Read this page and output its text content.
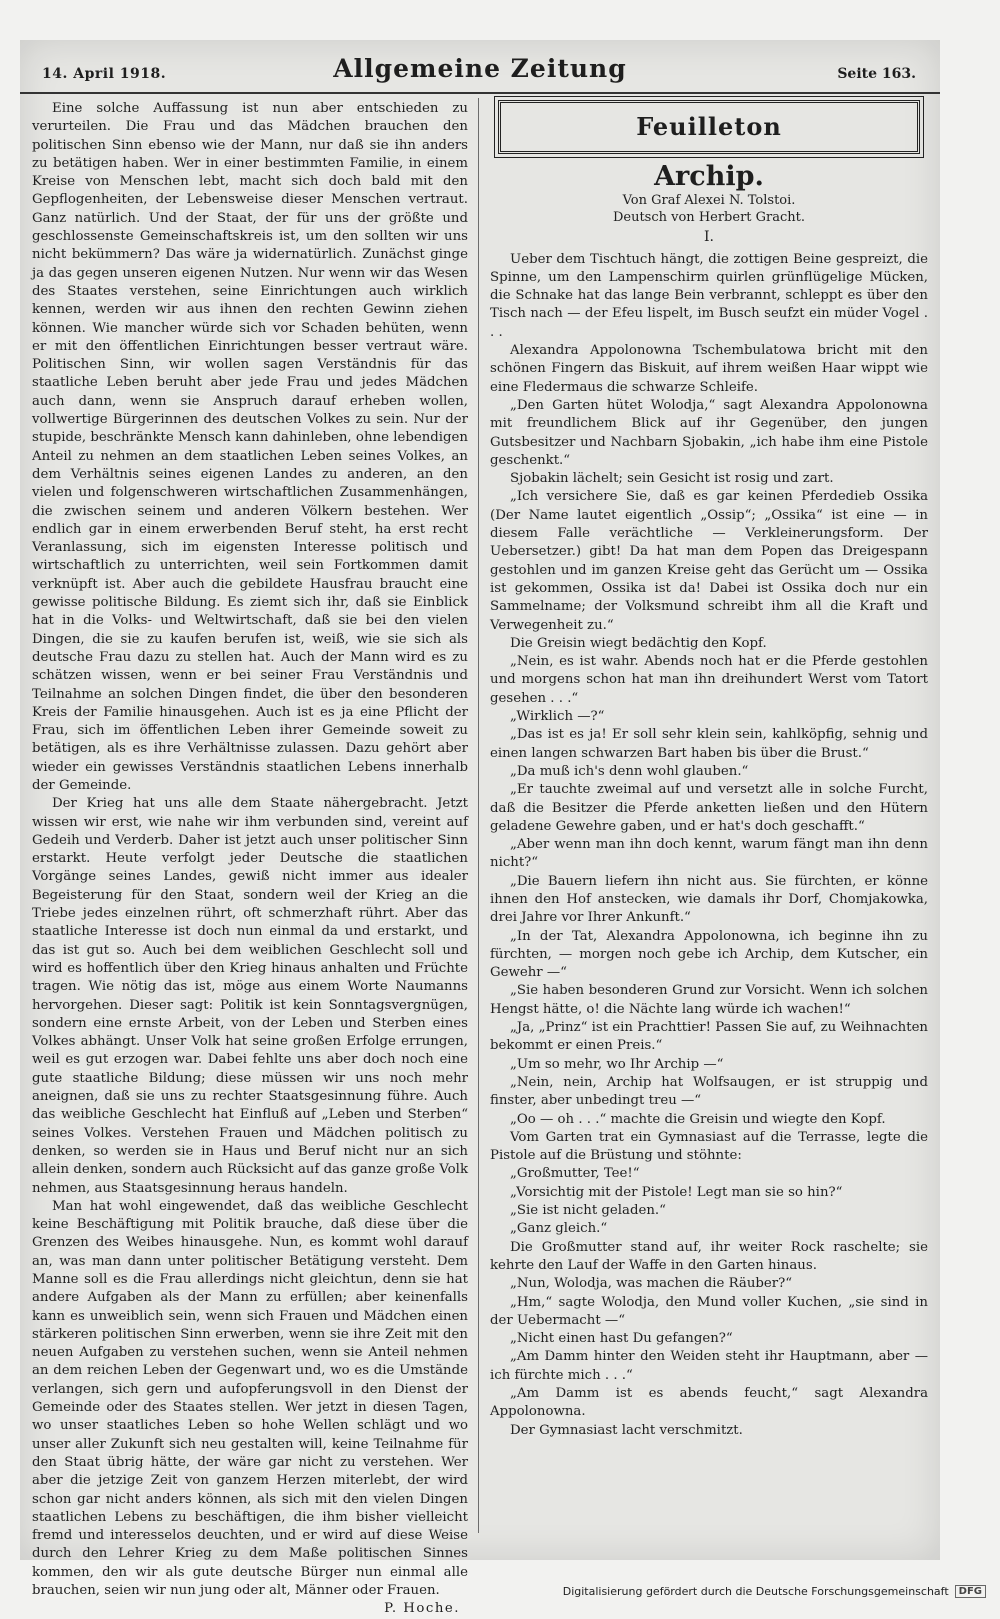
14. April 1918.	Allgemeine Zeitung	Seite 163.

Eine solche Auffassung ist nun aber entschieden zu verurteilen. Die Frau und das Mädchen brauchen den politischen Sinn ebenso wie der Mann, nur daß sie ihn anders zu betätigen haben. Wer in einer bestimmten Familie, in einem Kreise von Menschen lebt, macht sich doch bald mit den Gepflogenheiten, der Lebensweise dieser Menschen vertraut. Ganz natürlich. Und der Staat, der für uns der größte und geschlossenste Gemeinschaftskreis ist, um den sollten wir uns nicht bekümmern? Das wäre ja widernatürlich. Zunächst ginge ja das gegen unseren eigenen Nutzen. Nur wenn wir das Wesen des Staates verstehen, seine Einrichtungen auch wirklich kennen, werden wir aus ihnen den rechten Gewinn ziehen können. Wie mancher würde sich vor Schaden behüten, wenn er mit den öffentlichen Einrichtungen besser vertraut wäre. Politischen Sinn, wir wollen sagen Verständnis für das staatliche Leben beruht aber jede Frau und jedes Mädchen auch dann, wenn sie Anspruch darauf erheben wollen, vollwertige Bürgerinnen des deutschen Volkes zu sein. Nur der stupide, beschränkte Mensch kann dahinleben, ohne lebendigen Anteil zu nehmen an dem staatlichen Leben seines Volkes, an dem Verhältnis seines eigenen Landes zu anderen, an den vielen und folgenschweren wirtschaftlichen Zusammenhängen, die zwischen seinem und anderen Völkern bestehen. Wer endlich gar in einem erwerbenden Beruf steht, ha erst recht Veranlassung, sich im eigensten Interesse politisch und wirtschaftlich zu unterrichten, weil sein Fortkommen damit verknüpft ist. Aber auch die gebildete Hausfrau braucht eine gewisse politische Bildung. Es ziemt sich ihr, daß sie Einblick hat in die Volks- und Weltwirtschaft, daß sie bei den vielen Dingen, die sie zu kaufen berufen ist, weiß, wie sie sich als deutsche Frau dazu zu stellen hat. Auch der Mann wird es zu schätzen wissen, wenn er bei seiner Frau Verständnis und Teilnahme an solchen Dingen findet, die über den besonderen Kreis der Familie hinausgehen. Auch ist es ja eine Pflicht der Frau, sich im öffentlichen Leben ihrer Gemeinde soweit zu betätigen, als es ihre Verhältnisse zulassen. Dazu gehört aber wieder ein gewisses Verständnis staatlichen Lebens innerhalb der Gemeinde.

Der Krieg hat uns alle dem Staate nähergebracht. Jetzt wissen wir erst, wie nahe wir ihm verbunden sind, vereint auf Gedeih und Verderb. Daher ist jetzt auch unser politischer Sinn erstarkt. Heute verfolgt jeder Deutsche die staatlichen Vorgänge seines Landes, gewiß nicht immer aus idealer Begeisterung für den Staat, sondern weil der Krieg an die Triebe jedes einzelnen rührt, oft schmerzhaft rührt. Aber das staatliche Interesse ist doch nun einmal da und erstarkt, und das ist gut so. Auch bei dem weiblichen Geschlecht soll und wird es hoffentlich über den Krieg hinaus anhalten und Früchte tragen. Wie nötig das ist, möge aus einem Worte Naumanns hervorgehen. Dieser sagt: Politik ist kein Sonntagsvergnügen, sondern eine ernste Arbeit, von der Leben und Sterben eines Volkes abhängt. Unser Volk hat seine großen Erfolge errungen, weil es gut erzogen war. Dabei fehlte uns aber doch noch eine gute staatliche Bildung; diese müssen wir uns noch mehr aneignen, daß sie uns zu rechter Staatsgesinnung führe. Auch das weibliche Geschlecht hat Einfluß auf „Leben und Sterben“ seines Volkes. Verstehen Frauen und Mädchen politisch zu denken, so werden sie in Haus und Beruf nicht nur an sich allein denken, sondern auch Rücksicht auf das ganze große Volk nehmen, aus Staatsgesinnung heraus handeln.

Man hat wohl eingewendet, daß das weibliche Geschlecht keine Beschäftigung mit Politik brauche, daß diese über die Grenzen des Weibes hinausgehe. Nun, es kommt wohl darauf an, was man dann unter politischer Betätigung versteht. Dem Manne soll es die Frau allerdings nicht gleichtun, denn sie hat andere Aufgaben als der Mann zu erfüllen; aber keinenfalls kann es unweiblich sein, wenn sich Frauen und Mädchen einen stärkeren politischen Sinn erwerben, wenn sie ihre Zeit mit den neuen Aufgaben zu verstehen suchen, wenn sie Anteil nehmen an dem reichen Leben der Gegenwart und, wo es die Umstände verlangen, sich gern und aufopferungsvoll in den Dienst der Gemeinde oder des Staates stellen. Wer jetzt in diesen Tagen, wo unser staatliches Leben so hohe Wellen schlägt und wo unser aller Zukunft sich neu gestalten will, keine Teilnahme für den Staat übrig hätte, der wäre gar nicht zu verstehen. Wer aber die jetzige Zeit von ganzem Herzen miterlebt, der wird schon gar nicht anders können, als sich mit den vielen Dingen staatlichen Lebens zu beschäftigen, die ihm bisher vielleicht fremd und interesselos deuchten, und er wird auf diese Weise durch den Lehrer Krieg zu dem Maße politischen Sinnes kommen, den wir als gute deutsche Bürger nun einmal alle brauchen, seien wir nun jung oder alt, Männer oder Frauen.

P. Hoche.
Feuilleton
Archip.
Von Graf Alexei N. Tolstoi.
Deutsch von Herbert Gracht.
I.

Ueber dem Tischtuch hängt, die zottigen Beine gespreizt, die Spinne, um den Lampenschirm quirlen grünflügelige Mücken, die Schnake hat das lange Bein verbrannt, schleppt es über den Tisch nach — der Efeu lispelt, im Busch seufzt ein müder Vogel . . .

Alexandra Appolonowna Tschembulatowa bricht mit den schönen Fingern das Biskuit, auf ihrem weißen Haar wippt wie eine Fledermaus die schwarze Schleife.

„Den Garten hütet Wolodja,“ sagt Alexandra Appolonowna mit freundlichem Blick auf ihr Gegenüber, den jungen Gutsbesitzer und Nachbarn Sjobakin, „ich habe ihm eine Pistole geschenkt.“

Sjobakin lächelt; sein Gesicht ist rosig und zart.

„Ich versichere Sie, daß es gar keinen Pferdedieb Ossika (Der Name lautet eigentlich „Ossip“; „Ossika“ ist eine — in diesem Falle verächtliche — Verkleinerungsform. Der Uebersetzer.) gibt! Da hat man dem Popen das Dreigespann gestohlen und im ganzen Kreise geht das Gerücht um — Ossika ist gekommen, Ossika ist da! Dabei ist Ossika doch nur ein Sammelname; der Volksmund schreibt ihm all die Kraft und Verwegenheit zu.“

Die Greisin wiegt bedächtig den Kopf.

„Nein, es ist wahr. Abends noch hat er die Pferde gestohlen und morgens schon hat man ihn dreihundert Werst vom Tatort gesehen . . .“

„Wirklich —?“

„Das ist es ja! Er soll sehr klein sein, kahlköpfig, sehnig und einen langen schwarzen Bart haben bis über die Brust.“

„Da muß ich's denn wohl glauben.“

„Er tauchte zweimal auf und versetzt alle in solche Furcht, daß die Besitzer die Pferde anketten ließen und den Hütern geladene Gewehre gaben, und er hat's doch geschafft.“

„Aber wenn man ihn doch kennt, warum fängt man ihn denn nicht?“

„Die Bauern liefern ihn nicht aus. Sie fürchten, er könne ihnen den Hof anstecken, wie damals ihr Dorf, Chomjakowka, drei Jahre vor Ihrer Ankunft.“

„In der Tat, Alexandra Appolonowna, ich beginne ihn zu fürchten, — morgen noch gebe ich Archip, dem Kutscher, ein Gewehr —“

„Sie haben besonderen Grund zur Vorsicht. Wenn ich solchen Hengst hätte, o! die Nächte lang würde ich wachen!“

„Ja, „Prinz“ ist ein Prachttier! Passen Sie auf, zu Weihnachten bekommt er einen Preis.“

„Um so mehr, wo Ihr Archip —“

„Nein, nein, Archip hat Wolfsaugen, er ist struppig und finster, aber unbedingt treu —“

„Oo — oh . . .“ machte die Greisin und wiegte den Kopf.

Vom Garten trat ein Gymnasiast auf die Terrasse, legte die Pistole auf die Brüstung und stöhnte:

„Großmutter, Tee!“

„Vorsichtig mit der Pistole! Legt man sie so hin?“

„Sie ist nicht geladen.“

„Ganz gleich.“

Die Großmutter stand auf, ihr weiter Rock raschelte; sie kehrte den Lauf der Waffe in den Garten hinaus.

„Nun, Wolodja, was machen die Räuber?“

„Hm,“ sagte Wolodja, den Mund voller Kuchen, „sie sind in der Uebermacht —“

„Nicht einen hast Du gefangen?“

„Am Damm hinter den Weiden steht ihr Hauptmann, aber — ich fürchte mich . . .“

„Am Damm ist es abends feucht,“ sagt Alexandra Appolonowna.

Der Gymnasiast lacht verschmitzt.

Digitalisierung gefördert durch die Deutsche Forschungsgemeinschaft	DFG
